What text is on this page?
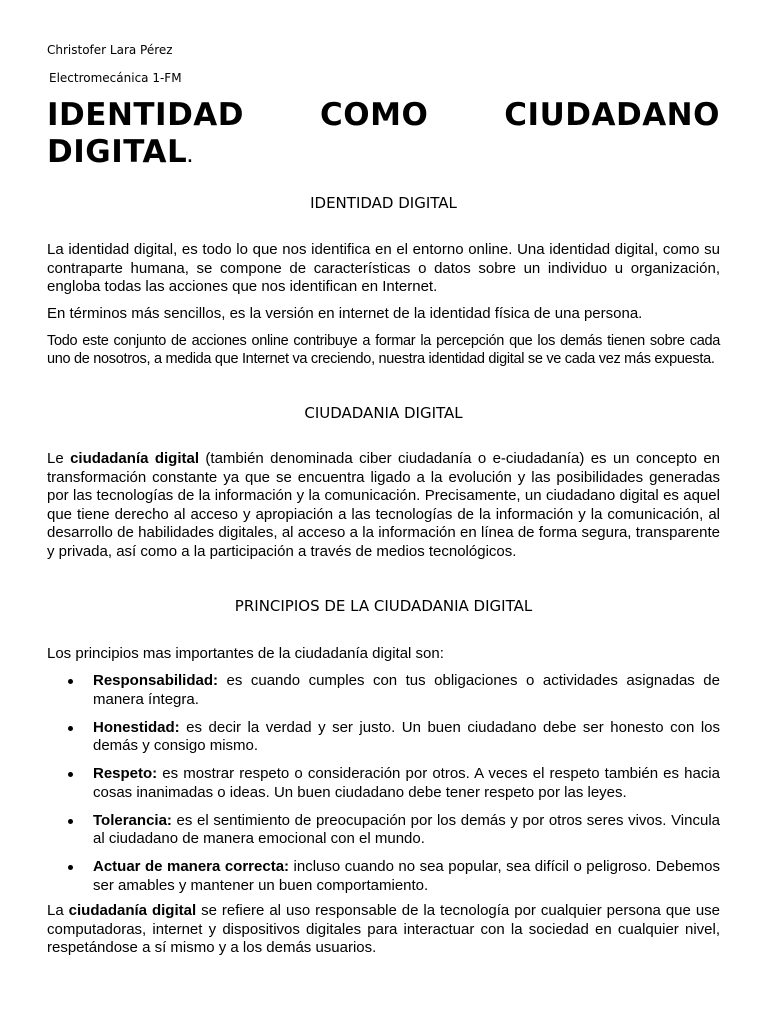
Christofer Lara Pérez
Electromecánica 1-FM
IDENTIDAD COMO CIUDADANO
DIGITAL.
IDENTIDAD DIGITAL

La identidad digital, es todo lo que nos identifica en el entorno online. Una identidad digital, como su contraparte humana, se compone de características o datos sobre un individuo u organización, engloba todas las acciones que nos identifican en Internet.

En términos más sencillos, es la versión en internet de la identidad física de una persona.

Todo este conjunto de acciones online contribuye a formar la percepción que los demás tienen sobre cada uno de nosotros, a medida que Internet va creciendo, nuestra identidad digital se ve cada vez más expuesta.

CIUDADANIA DIGITAL

Le ciudadanía digital (también denominada ciber ciudadanía o e-ciudadanía) es un concepto en transformación constante ya que se encuentra ligado a la evolución y las posibilidades generadas por las tecnologías de la información y la comunicación. Precisamente, un ciudadano digital es aquel que tiene derecho al acceso y apropiación a las tecnologías de la información y la comunicación, al desarrollo de habilidades digitales, al acceso a la información en línea de forma segura, transparente y privada, así como a la participación a través de medios tecnológicos.

PRINCIPIOS DE LA CIUDADANIA DIGITAL

Los principios mas importantes de la ciudadanía digital son:

Responsabilidad: es cuando cumples con tus obligaciones o actividades asignadas de manera íntegra.
Honestidad: es decir la verdad y ser justo. Un buen ciudadano debe ser honesto con los demás y consigo mismo.
Respeto: es mostrar respeto o consideración por otros. A veces el respeto también es hacia cosas inanimadas o ideas. Un buen ciudadano debe tener respeto por las leyes.
Tolerancia: es el sentimiento de preocupación por los demás y por otros seres vivos. Vincula al ciudadano de manera emocional con el mundo.
Actuar de manera correcta: incluso cuando no sea popular, sea difícil o peligroso. Debemos ser amables y mantener un buen comportamiento.

La ciudadanía digital se refiere al uso responsable de la tecnología por cualquier persona que use computadoras, internet y dispositivos digitales para interactuar con la sociedad en cualquier nivel, respetándose a sí mismo y a los demás usuarios.
